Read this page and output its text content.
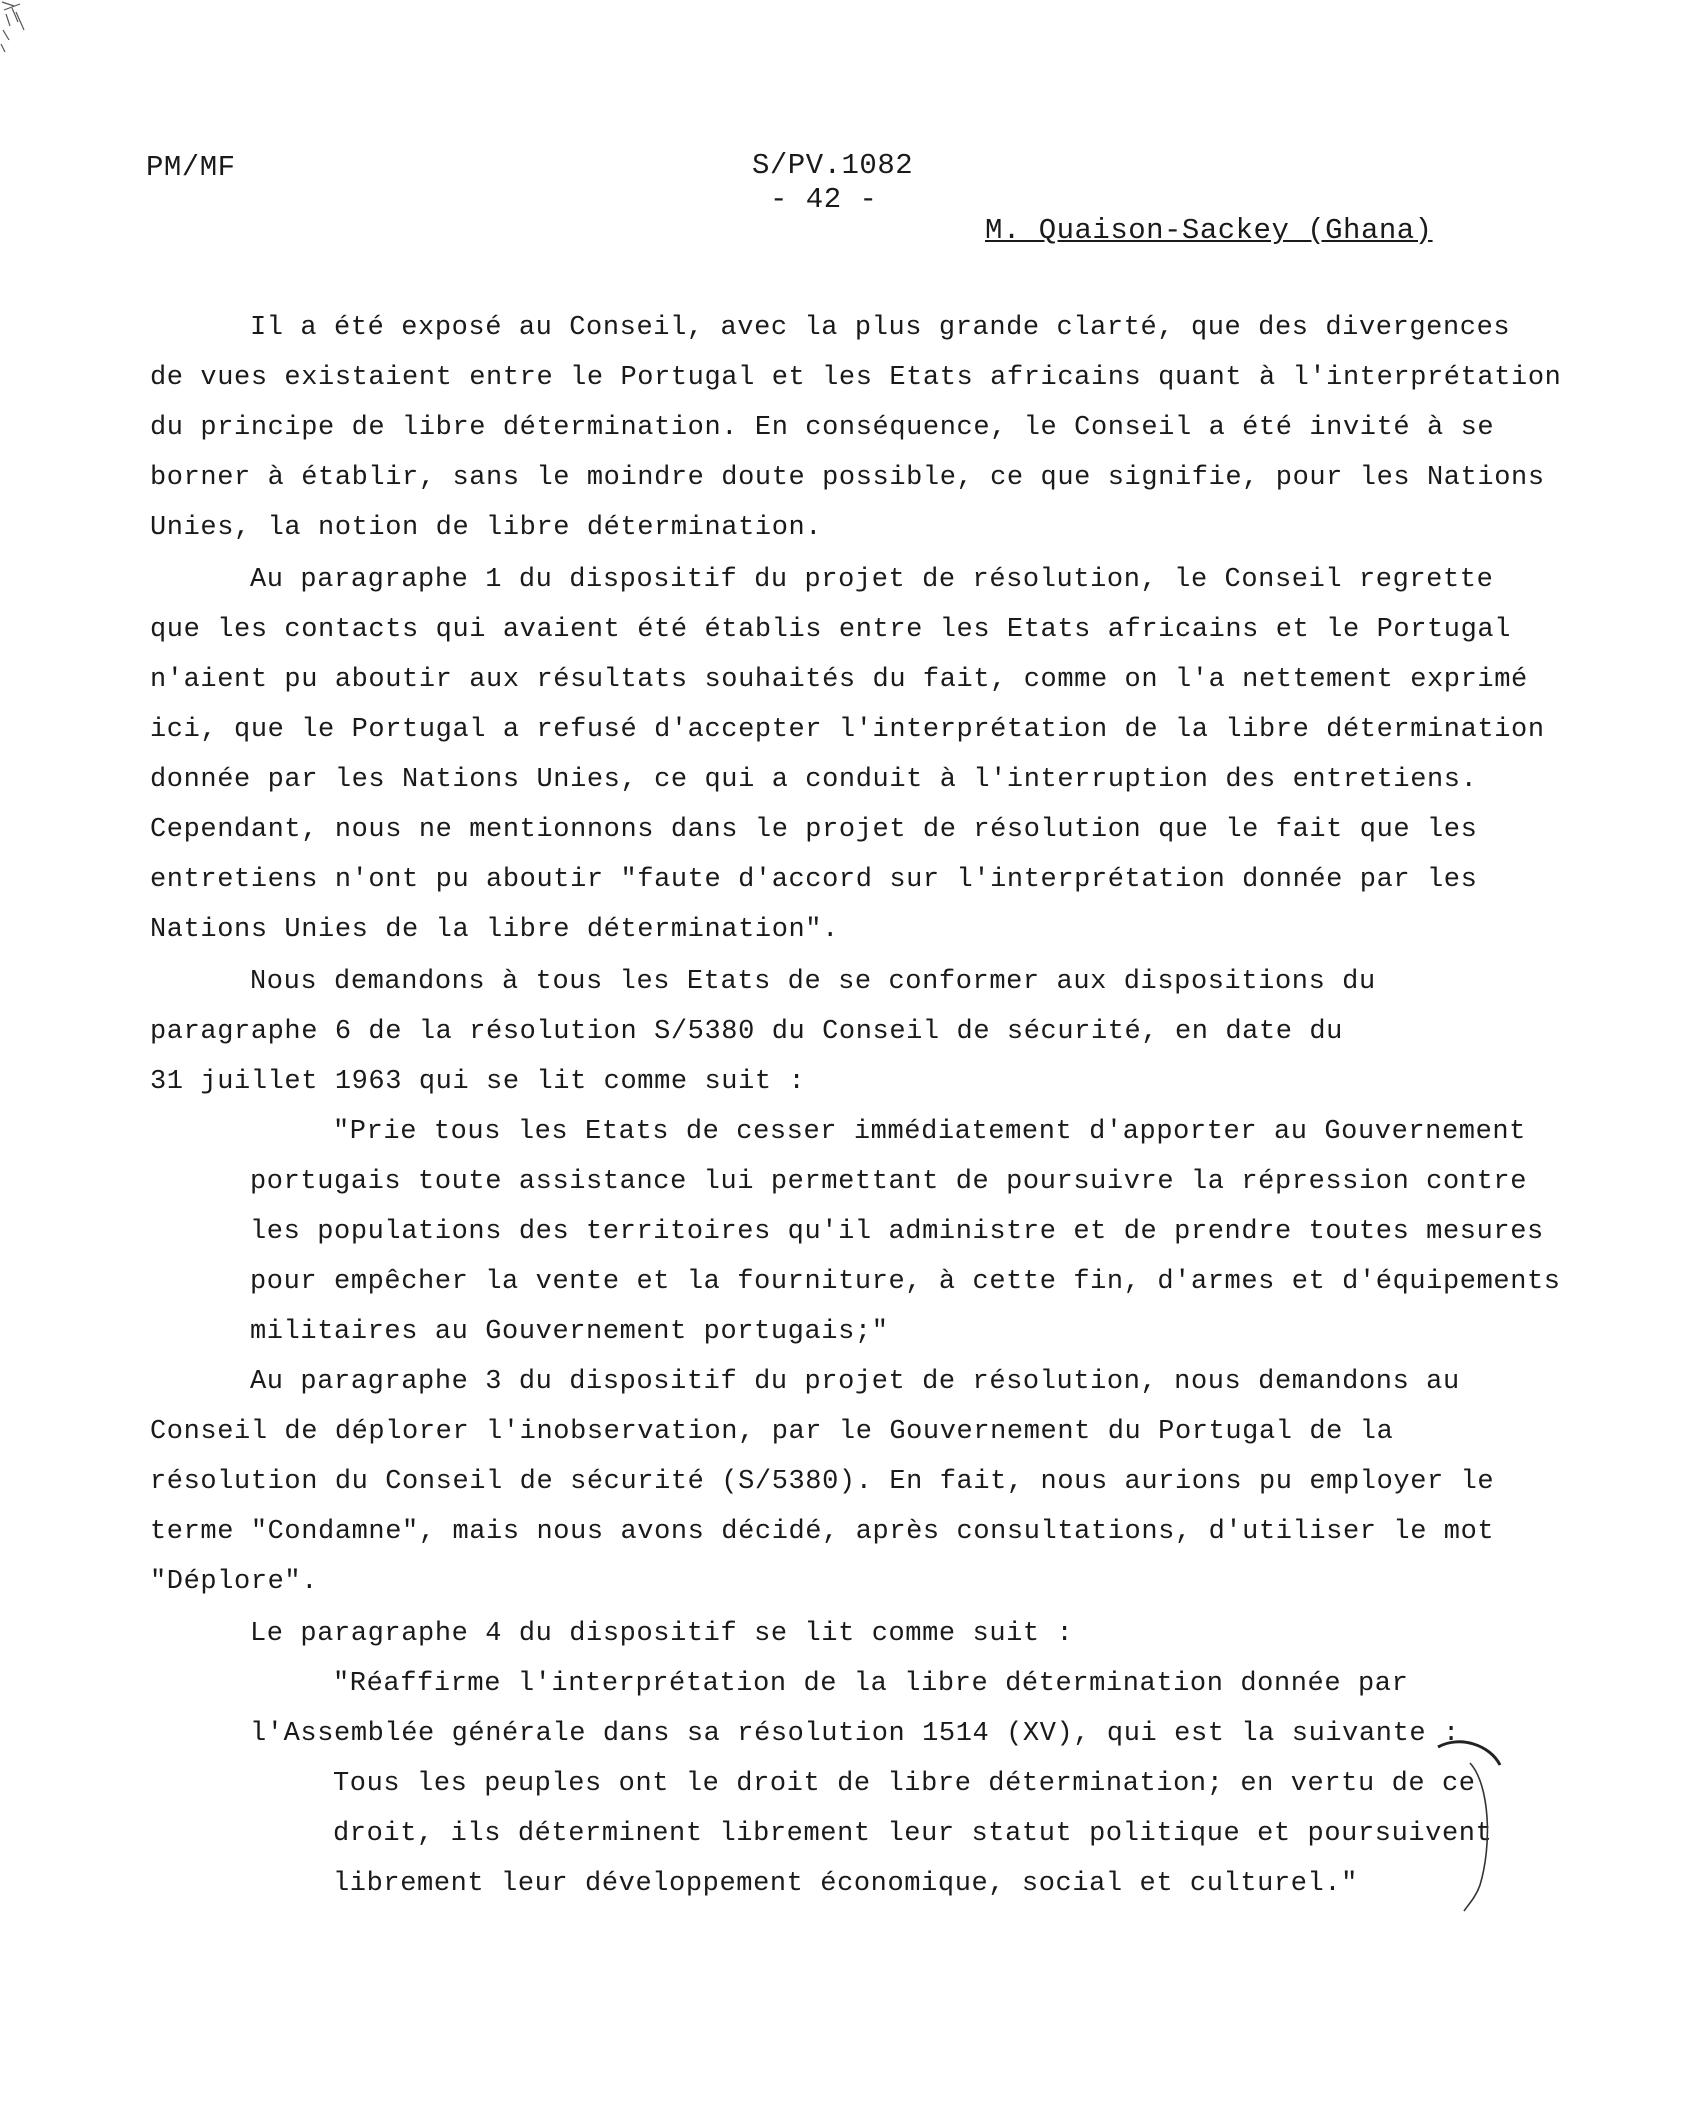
PM/MF	S/PV.1082
- 42 -
M. Quaison-Sackey (Ghana)
Il a été exposé au Conseil, avec la plus grande clarté, que des divergences
de vues existaient entre le Portugal et les Etats africains quant à l'interprétation
du principe de libre détermination. En conséquence, le Conseil a été invité à se
borner à établir, sans le moindre doute possible, ce que signifie, pour les Nations
Unies, la notion de libre détermination.
Au paragraphe 1 du dispositif du projet de résolution, le Conseil regrette
que les contacts qui avaient été établis entre les Etats africains et le Portugal
n'aient pu aboutir aux résultats souhaités du fait, comme on l'a nettement exprimé
ici, que le Portugal a refusé d'accepter l'interprétation de la libre détermination
donnée par les Nations Unies, ce qui a conduit à l'interruption des entretiens.
Cependant, nous ne mentionnons dans le projet de résolution que le fait que les
entretiens n'ont pu aboutir "faute d'accord sur l'interprétation donnée par les
Nations Unies de la libre détermination".
Nous demandons à tous les Etats de se conformer aux dispositions du
paragraphe 6 de la résolution S/5380 du Conseil de sécurité, en date du
31 juillet 1963 qui se lit comme suit :
"Prie tous les Etats de cesser immédiatement d'apporter au Gouvernement
portugais toute assistance lui permettant de poursuivre la répression contre
les populations des territoires qu'il administre et de prendre toutes mesures
pour empêcher la vente et la fourniture, à cette fin, d'armes et d'équipements
militaires au Gouvernement portugais;"
Au paragraphe 3 du dispositif du projet de résolution, nous demandons au
Conseil de déplorer l'inobservation, par le Gouvernement du Portugal de la
résolution du Conseil de sécurité (S/5380). En fait, nous aurions pu employer le
terme "Condamne", mais nous avons décidé, après consultations, d'utiliser le mot
"Déplore".
Le paragraphe 4 du dispositif se lit comme suit :
"Réaffirme l'interprétation de la libre détermination donnée par
l'Assemblée générale dans sa résolution 1514 (XV), qui est la suivante :
Tous les peuples ont le droit de libre détermination; en vertu de ce
droit, ils déterminent librement leur statut politique et poursuivent
librement leur développement économique, social et culturel."
